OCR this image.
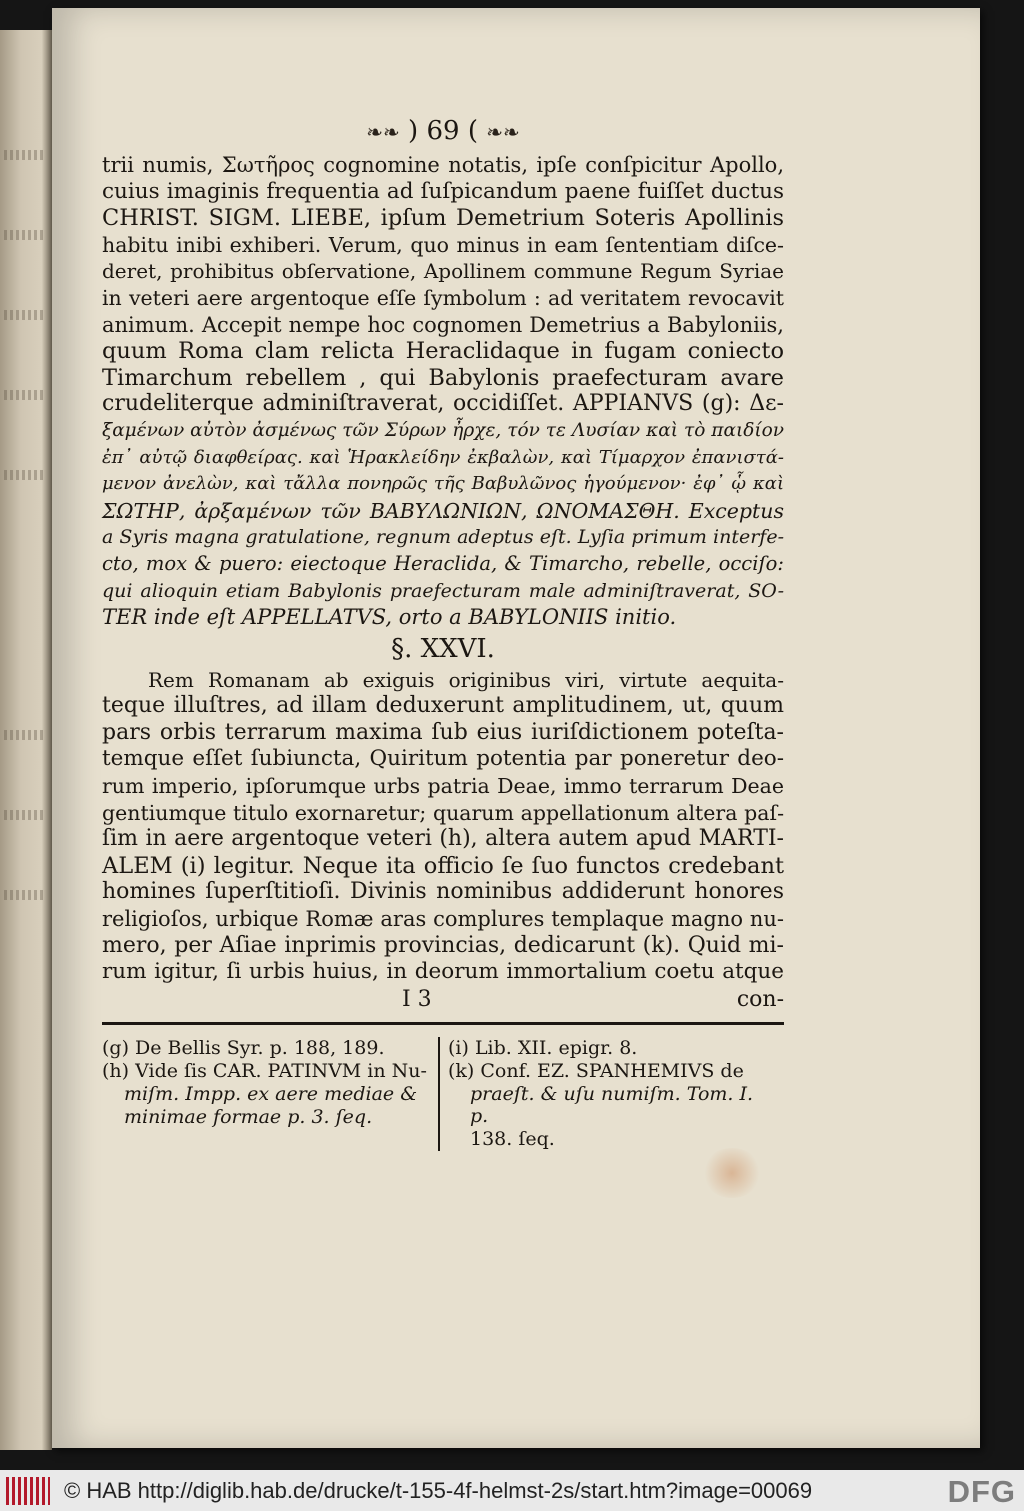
❧❧ ) 69 ( ❧❧
trii numis, Σωτῆρος cognomine notatis, ipſe conſpicitur Apollo,
cuius imaginis frequentia ad ſuſpicandum paene fuiſſet ductus
CHRIST. SIGM. LIEBE, ipſum Demetrium Soteris Apollinis
habitu inibi exhiberi. Verum, quo minus in eam ſententiam diſce-
deret, prohibitus obſervatione, Apollinem commune Regum Syriae
in veteri aere argentoque eſſe ſymbolum : ad veritatem revocavit
animum. Accepit nempe hoc cognomen Demetrius a Babyloniis,
quum Roma clam relicta Heraclidaque in fugam coniecto
Timarchum rebellem , qui Babylonis praefecturam avare
crudeliterque adminiſtraverat, occidiſſet. APPIANVS (g): Δε-
ξαμένων αὐτὸν ἀσμένως τῶν Σύρων ἦρχε, τόν τε Λυσίαν καὶ τὸ παιδίον
ἐπ᾽ αὐτῷ διαφθείρας. καὶ Ἡρακλείδην ἐκβαλὼν, καὶ Τίμαρχον ἐπανιστά-
μενον ἀνελὼν, καὶ τἄλλα πονηρῶς τῆς Βαβυλῶνος ἡγούμενον· ἐφ᾽ ᾧ καὶ
ΣΩΤΗΡ, ἀρξαμένων τῶν ΒΑΒΥΛΩΝΙΩΝ, ΩΝΟΜΑΣΘΗ. Exceptus
a Syris magna gratulatione, regnum adeptus eſt. Lyſia primum interfe-
cto, mox & puero: eiectoque Heraclida, & Timarcho, rebelle, occiſo:
qui alioquin etiam Babylonis praefecturam male adminiſtraverat, SO-
TER inde eſt APPELLATVS, orto a BABYLONIIS initio.
§. XXVI.
Rem Romanam ab exiguis originibus viri, virtute aequita-
teque illuſtres, ad illam deduxerunt amplitudinem, ut, quum
pars orbis terrarum maxima ſub eius iuriſdictionem poteſta-
temque eſſet ſubiuncta, Quiritum potentia par poneretur deo-
rum imperio, ipſorumque urbs patria Deae, immo terrarum Deae
gentiumque titulo exornaretur; quarum appellationum altera paſ-
ſim in aere argentoque veteri (h), altera autem apud MARTI-
ALEM (i) legitur. Neque ita officio ſe ſuo functos credebant
homines ſuperſtitioſi. Divinis nominibus addiderunt honores
religioſos, urbique Romæ aras complures templaque magno nu-
mero, per Aſiae inprimis provincias, dedicarunt (k). Quid mi-
rum igitur, ſi urbis huius, in deorum immortalium coetu atque
I 3	con-
(g) De Bellis Syr. p. 188, 189.
(h) Vide ſis CAR. PATINVM in Nu-
miſm. Impp. ex aere mediae &
minimae formae p. 3. ſeq.
(i) Lib. XII. epigr. 8.
(k) Conf. EZ. SPANHEMIVS de
praeſt. & uſu numiſm. Tom. I. p.
138. ſeq.
© HAB http://diglib.hab.de/drucke/t-155-4f-helmst-2s/start.htm?image=00069	DFG
